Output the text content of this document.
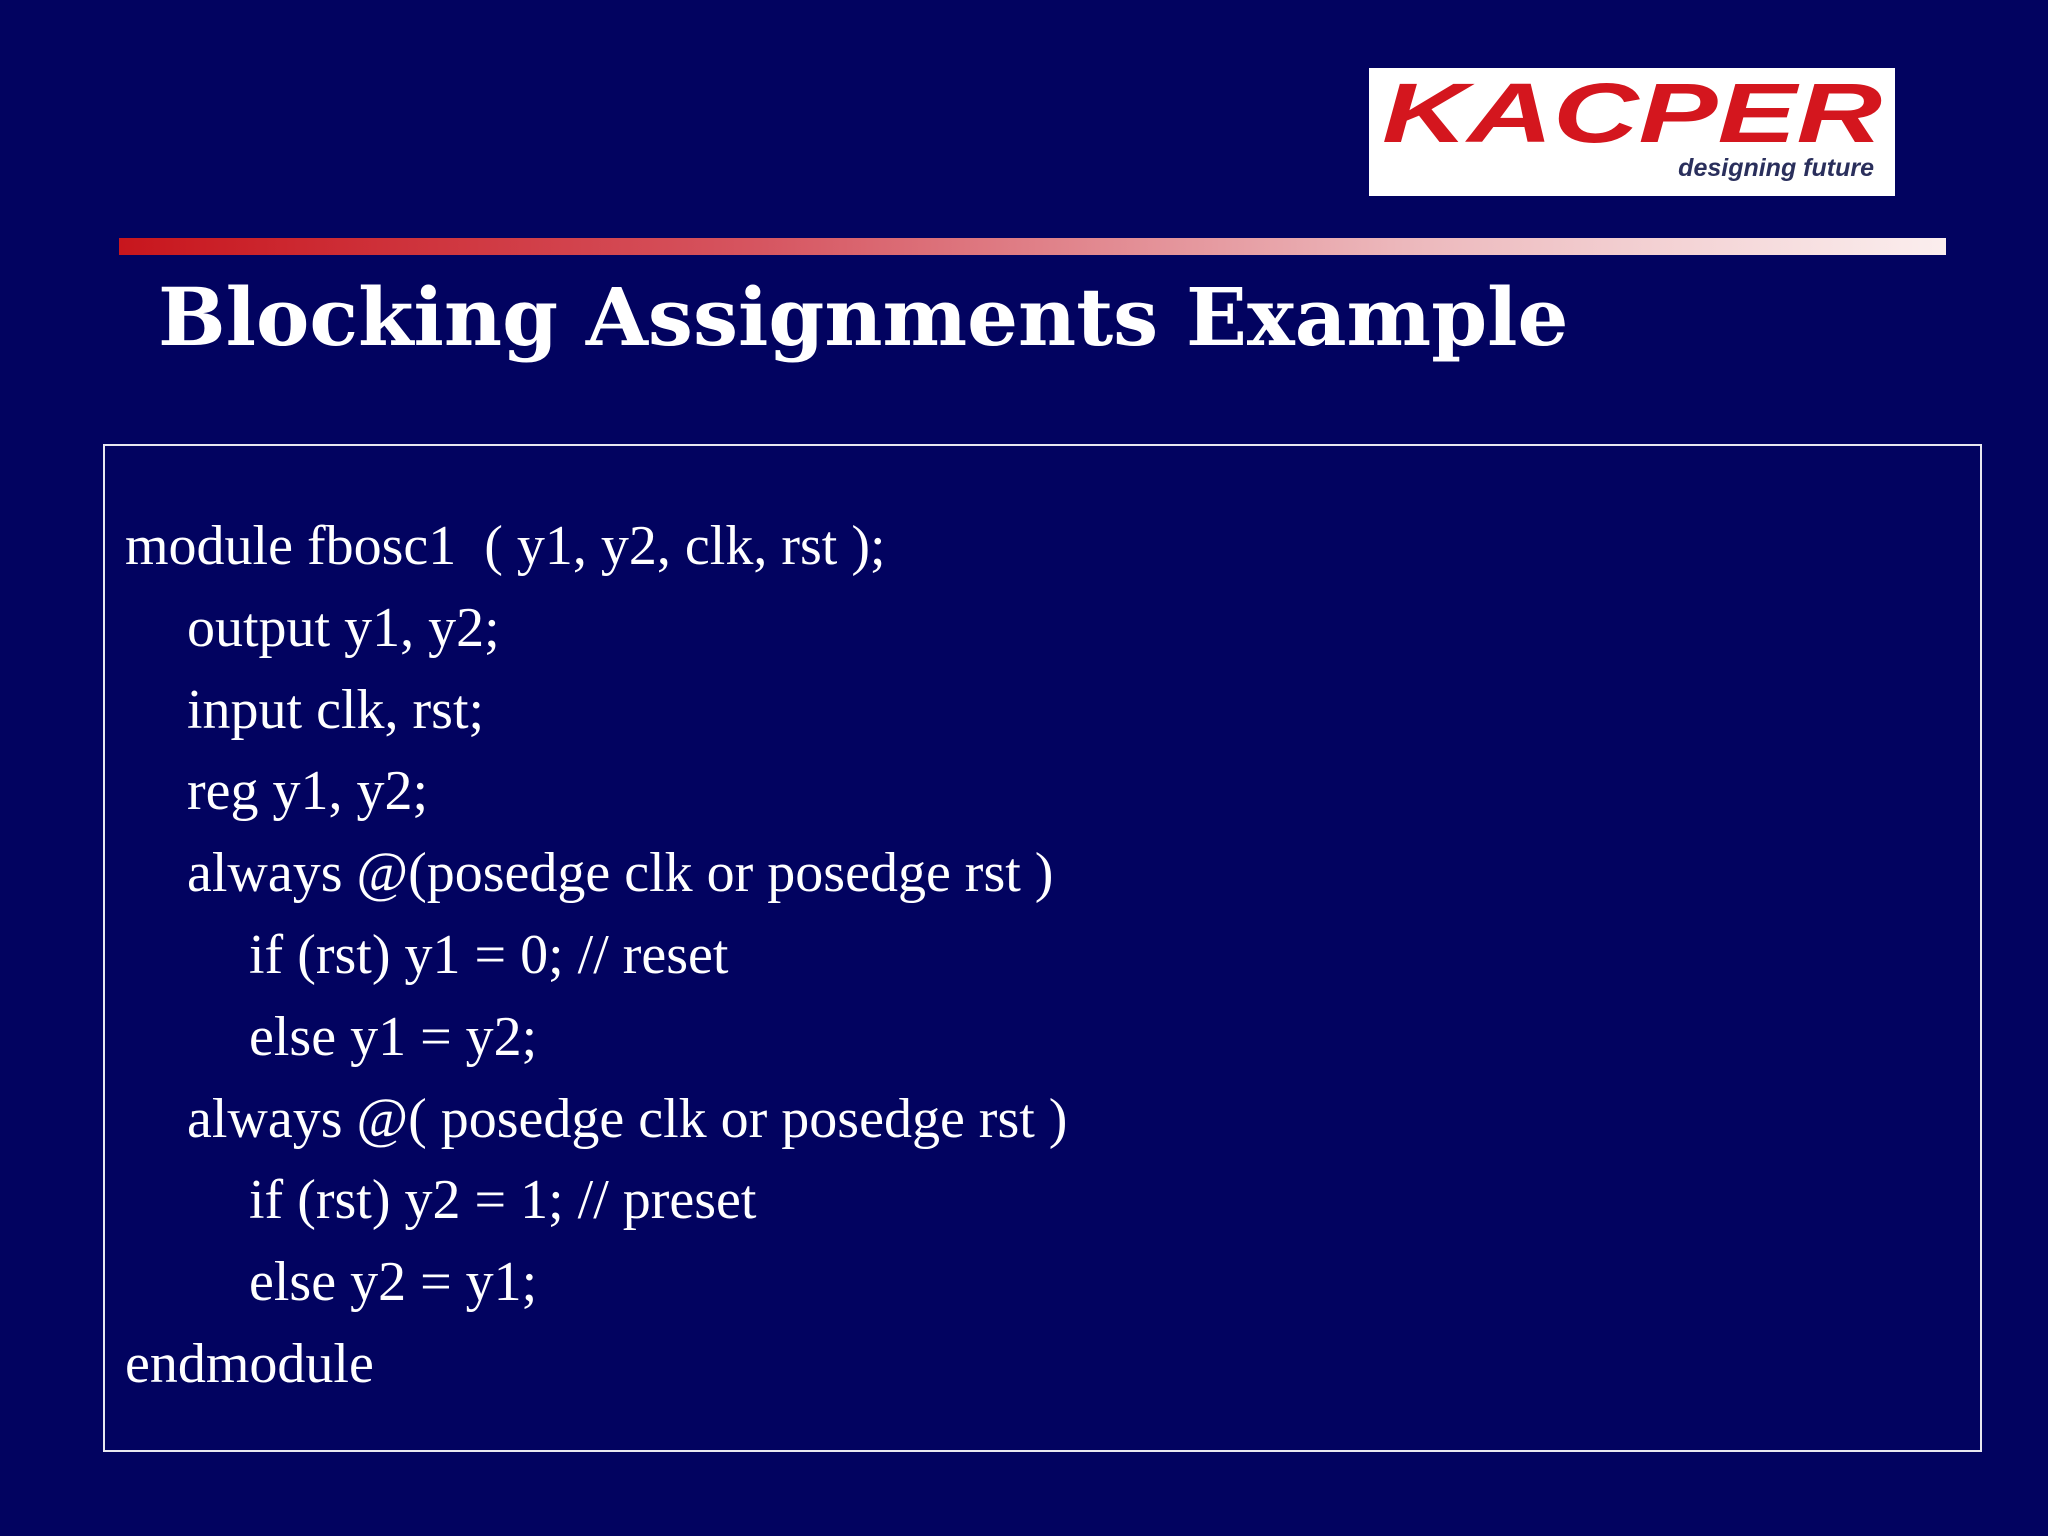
KACPER
designing future
Blocking Assignments Example
module fbosc1  ( y1, y2, clk, rst );
output y1, y2;
input clk, rst;
reg y1, y2;
always @(posedge clk or posedge rst )
if (rst) y1 = 0; // reset
else y1 = y2;
always @( posedge clk or posedge rst )
if (rst) y2 = 1; // preset
else y2 = y1;
endmodule
